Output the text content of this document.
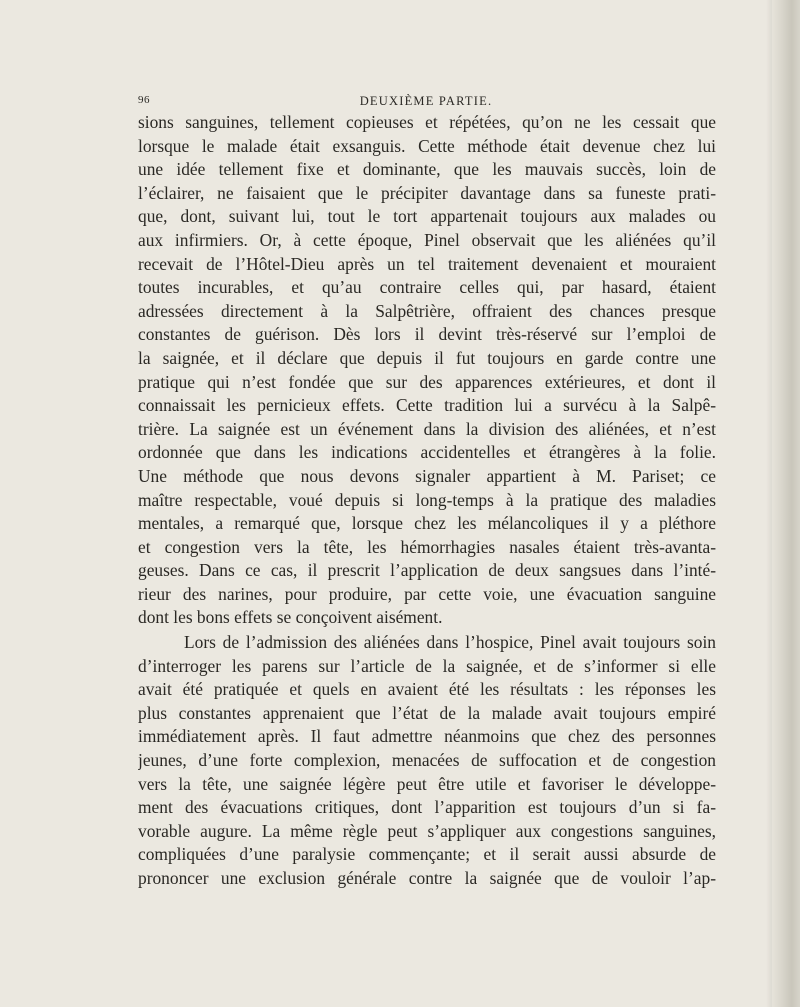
96	DEUXIÈME PARTIE.
sions sanguines, tellement copieuses et répétées, qu’on ne les cessait que
lorsque le malade était exsanguis. Cette méthode était devenue chez lui
une idée tellement fixe et dominante, que les mauvais succès, loin de
l’éclairer, ne faisaient que le précipiter davantage dans sa funeste prati-
que, dont, suivant lui, tout le tort appartenait toujours aux malades ou
aux infirmiers. Or, à cette époque, Pinel observait que les aliénées qu’il
recevait de l’Hôtel-Dieu après un tel traitement devenaient et mouraient
toutes incurables, et qu’au contraire celles qui, par hasard, étaient
adressées directement à la Salpêtrière, offraient des chances presque
constantes de guérison. Dès lors il devint très-réservé sur l’emploi de
la saignée, et il déclare que depuis il fut toujours en garde contre une
pratique qui n’est fondée que sur des apparences extérieures, et dont il
connaissait les pernicieux effets. Cette tradition lui a survécu à la Salpê-
trière. La saignée est un événement dans la division des aliénées, et n’est
ordonnée que dans les indications accidentelles et étrangères à la folie.
Une méthode que nous devons signaler appartient à M. Pariset; ce
maître respectable, voué depuis si long-temps à la pratique des maladies
mentales, a remarqué que, lorsque chez les mélancoliques il y a pléthore
et congestion vers la tête, les hémorrhagies nasales étaient très-avanta-
geuses. Dans ce cas, il prescrit l’application de deux sangsues dans l’inté-
rieur des narines, pour produire, par cette voie, une évacuation sanguine
dont les bons effets se conçoivent aisément.
Lors de l’admission des aliénées dans l’hospice, Pinel avait toujours soin
d’interroger les parens sur l’article de la saignée, et de s’informer si elle
avait été pratiquée et quels en avaient été les résultats : les réponses les
plus constantes apprenaient que l’état de la malade avait toujours empiré
immédiatement après. Il faut admettre néanmoins que chez des personnes
jeunes, d’une forte complexion, menacées de suffocation et de congestion
vers la tête, une saignée légère peut être utile et favoriser le développe-
ment des évacuations critiques, dont l’apparition est toujours d’un si fa-
vorable augure. La même règle peut s’appliquer aux congestions sanguines,
compliquées d’une paralysie commençante; et il serait aussi absurde de
prononcer une exclusion générale contre la saignée que de vouloir l’ap-
